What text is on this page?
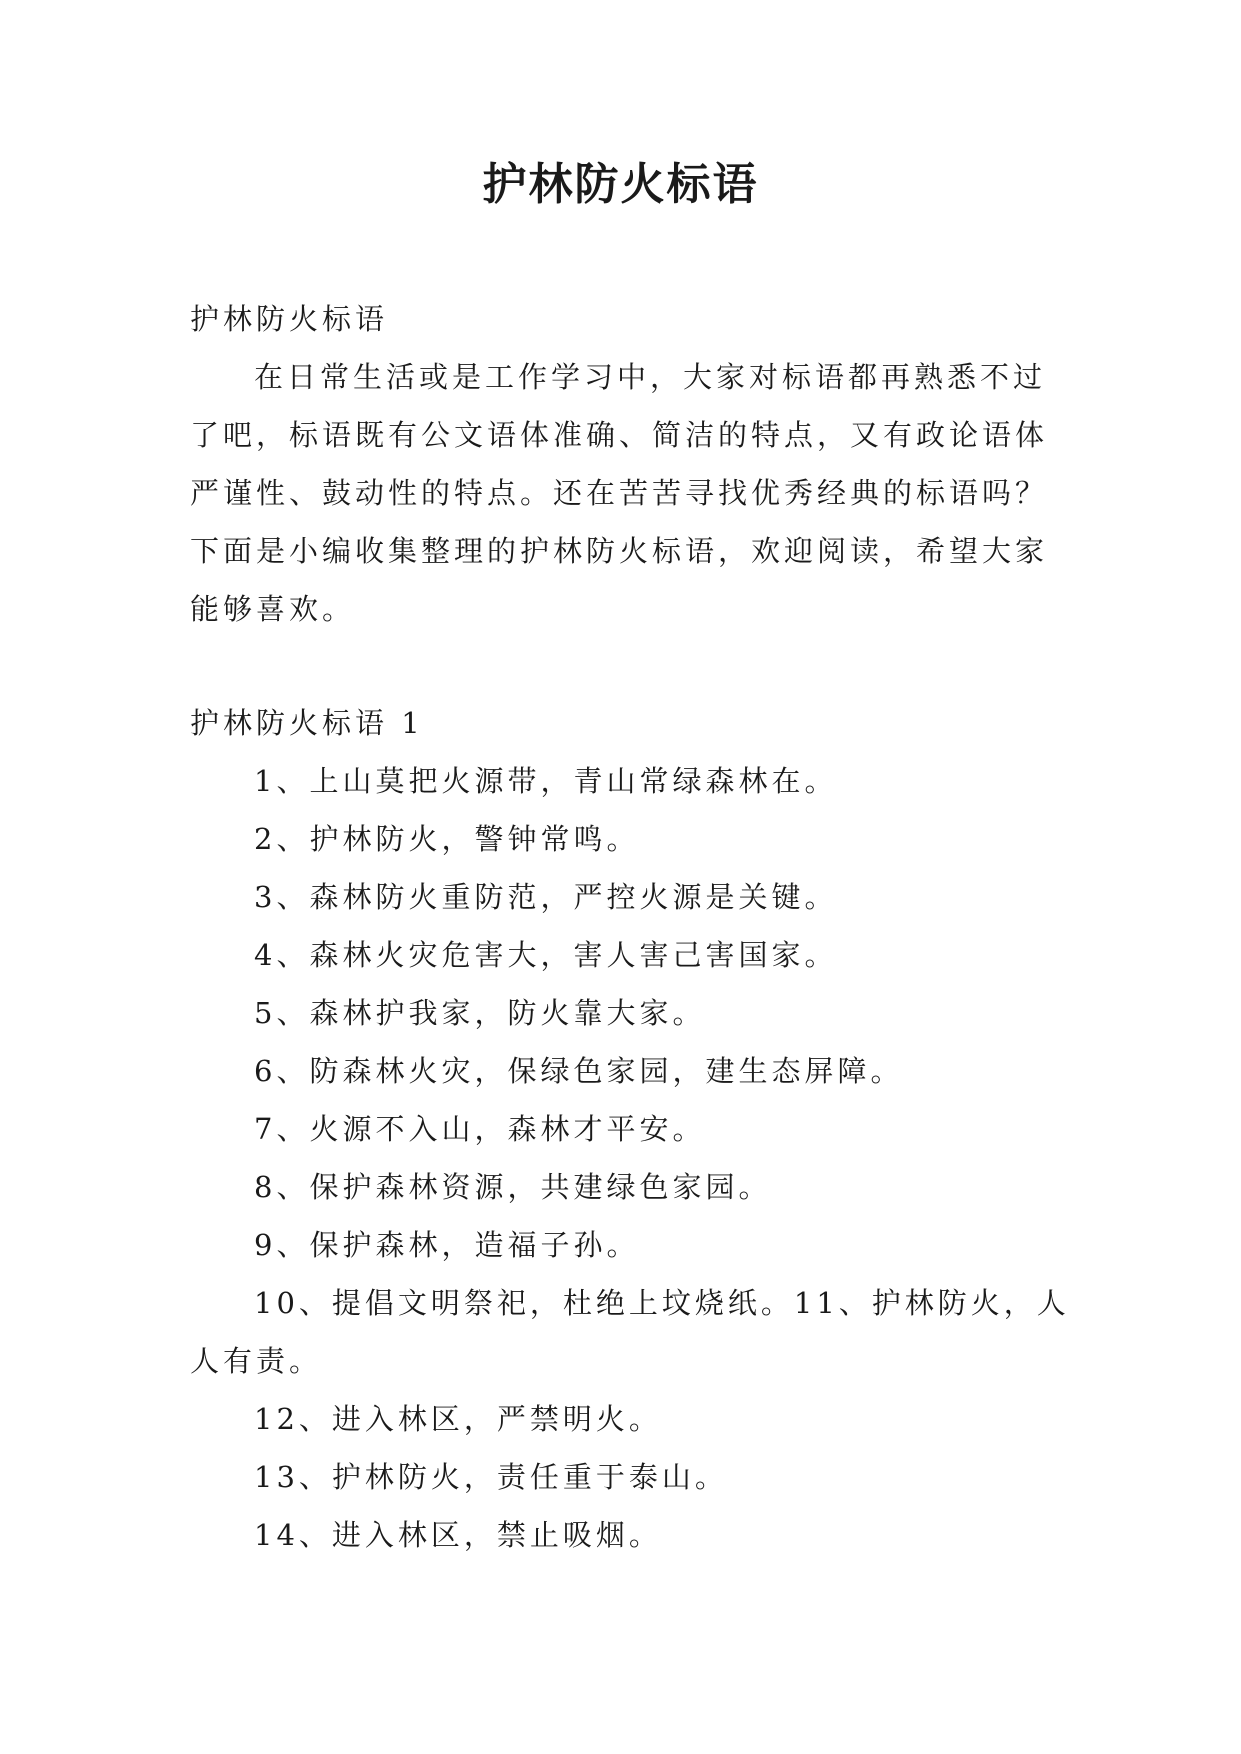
护林防火标语
护林防火标语
在日常生活或是工作学习中，大家对标语都再熟悉不过
了吧，标语既有公文语体准确、简洁的特点，又有政论语体
严谨性、鼓动性的特点。还在苦苦寻找优秀经典的标语吗？
下面是小编收集整理的护林防火标语，欢迎阅读，希望大家
能够喜欢。
护林防火标语 1
1、上山莫把火源带，青山常绿森林在。
2、护林防火，警钟常鸣。
3、森林防火重防范，严控火源是关键。
4、森林火灾危害大，害人害己害国家。
5、森林护我家，防火靠大家。
6、防森林火灾，保绿色家园，建生态屏障。
7、火源不入山，森林才平安。
8、保护森林资源，共建绿色家园。
9、保护森林，造福子孙。
10、提倡文明祭祀，杜绝上坟烧纸。11、护林防火，人
人有责。
12、进入林区，严禁明火。
13、护林防火，责任重于泰山。
14、进入林区，禁止吸烟。
